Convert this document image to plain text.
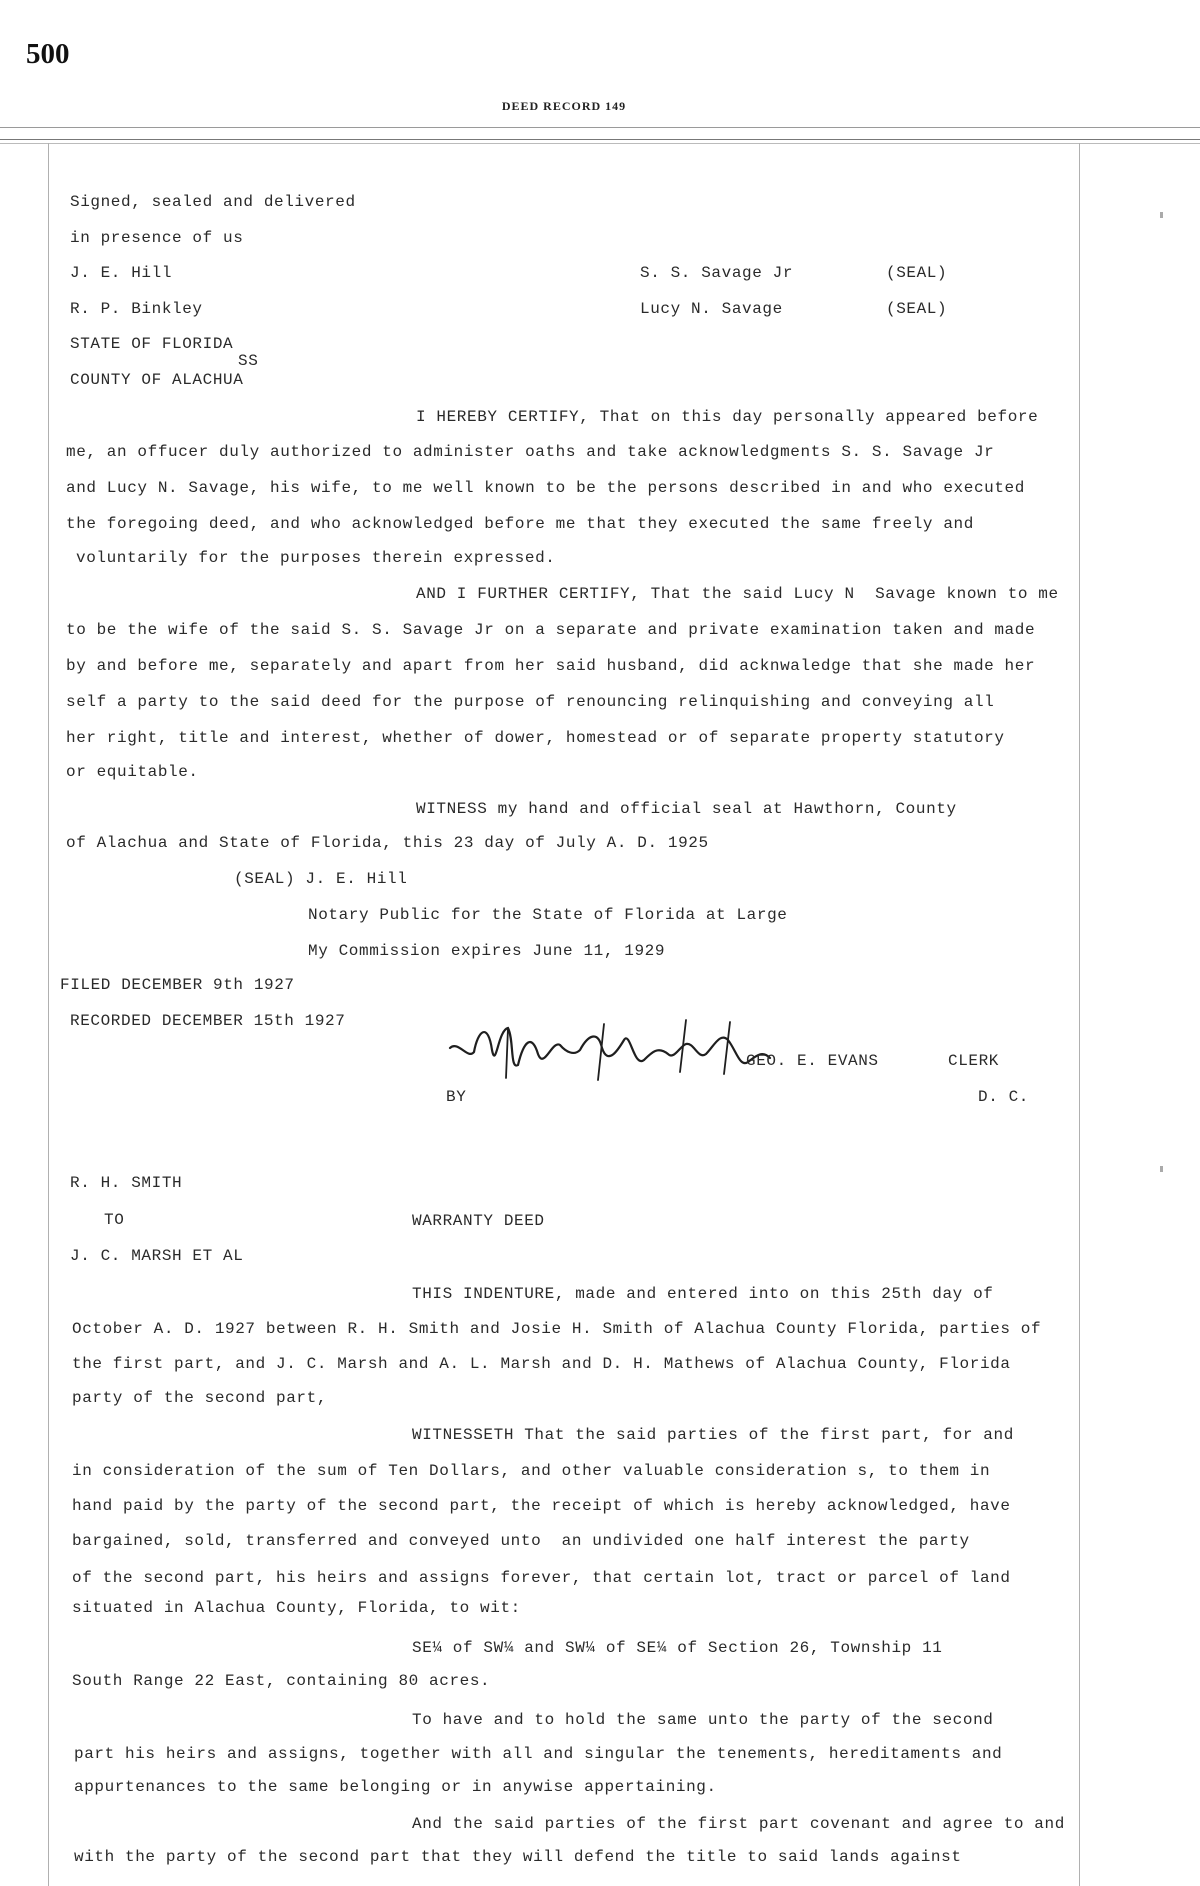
500
DEED RECORD 149
Signed, sealed and delivered
in presence of us
J. E. Hill	S. S. Savage Jr	(SEAL)
R. P. Binkley	Lucy N. Savage	(SEAL)
STATE OF FLORIDA
SS
COUNTY OF ALACHUA
I HEREBY CERTIFY, That on this day personally appeared before
me, an offucer duly authorized to administer oaths and take acknowledgments S. S. Savage Jr
and Lucy N. Savage, his wife, to me well known to be the persons described in and who executed
the foregoing deed, and who acknowledged before me that they executed the same freely and
voluntarily for the purposes therein expressed.
AND I FURTHER CERTIFY, That the said Lucy N  Savage known to me
to be the wife of the said S. S. Savage Jr on a separate and private examination taken and made
by and before me, separately and apart from her said husband, did acknwaledge that she made her
self a party to the said deed for the purpose of renouncing relinquishing and conveying all
her right, title and interest, whether of dower, homestead or of separate property statutory
or equitable.
WITNESS my hand and official seal at Hawthorn, County
of Alachua and State of Florida, this 23 day of July A. D. 1925
(SEAL) J. E. Hill
Notary Public for the State of Florida at Large
My Commission expires June 11, 1929
FILED DECEMBER 9th 1927
RECORDED DECEMBER 15th 1927
GEO. E. EVANS	CLERK
BY	D. C.
R. H. SMITH
TO	WARRANTY DEED
J. C. MARSH ET AL
THIS INDENTURE, made and entered into on this 25th day of
October A. D. 1927 between R. H. Smith and Josie H. Smith of Alachua County Florida, parties of
the first part, and J. C. Marsh and A. L. Marsh and D. H. Mathews of Alachua County, Florida
party of the second part,
WITNESSETH That the said parties of the first part, for and
in consideration of the sum of Ten Dollars, and other valuable consideration s, to them in
hand paid by the party of the second part, the receipt of which is hereby acknowledged, have
bargained, sold, transferred and conveyed unto  an undivided one half interest the party
of the second part, his heirs and assigns forever, that certain lot, tract or parcel of land
situated in Alachua County, Florida, to wit:
SE¼ of SW¼ and SW¼ of SE¼ of Section 26, Township 11
South Range 22 East, containing 80 acres.
To have and to hold the same unto the party of the second
part his heirs and assigns, together with all and singular the tenements, hereditaments and
appurtenances to the same belonging or in anywise appertaining.
And the said parties of the first part covenant and agree to and
with the party of the second part that they will defend the title to said lands against
